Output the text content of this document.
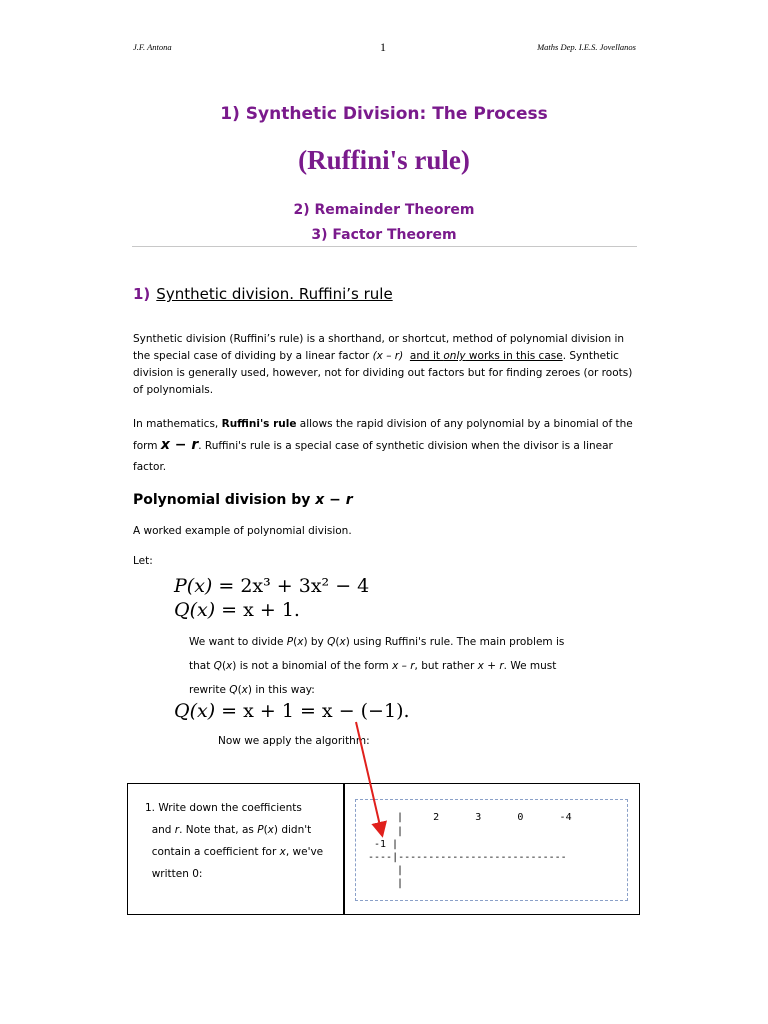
J.F. Antona	1	Maths Dep. I.E.S. Jovellanos
1) Synthetic Division: The Process
(Ruffini's rule)
2) Remainder Theorem
3) Factor Theorem
1) Synthetic division. Ruffini’s rule
Synthetic division (Ruffini’s rule) is a shorthand, or shortcut, method of polynomial division in the special case of dividing by a linear factor (x – r) and it only works in this case. Synthetic division is generally used, however, not for dividing out factors but for finding zeroes (or roots) of polynomials.
In mathematics, Ruffini's rule allows the rapid division of any polynomial by a binomial of the form x − r. Ruffini's rule is a special case of synthetic division when the divisor is a linear factor.
Polynomial division by x − r
A worked example of polynomial division.
Let:
P(x) = 2x³ + 3x² − 4
Q(x) = x + 1.
We want to divide P(x) by Q(x) using Ruffini's rule. The main problem is
that Q(x) is not a binomial of the form x – r, but rather x + r. We must
rewrite Q(x) in this way:
Q(x) = x + 1 = x − (−1).
Now we apply the algorithm:
1. Write down the coefficients
and r. Note that, as P(x) didn't
contain a coefficient for x, we've
written 0:
|     2      3      0      -4
|
-1 |
----|----------------------------
|
|
